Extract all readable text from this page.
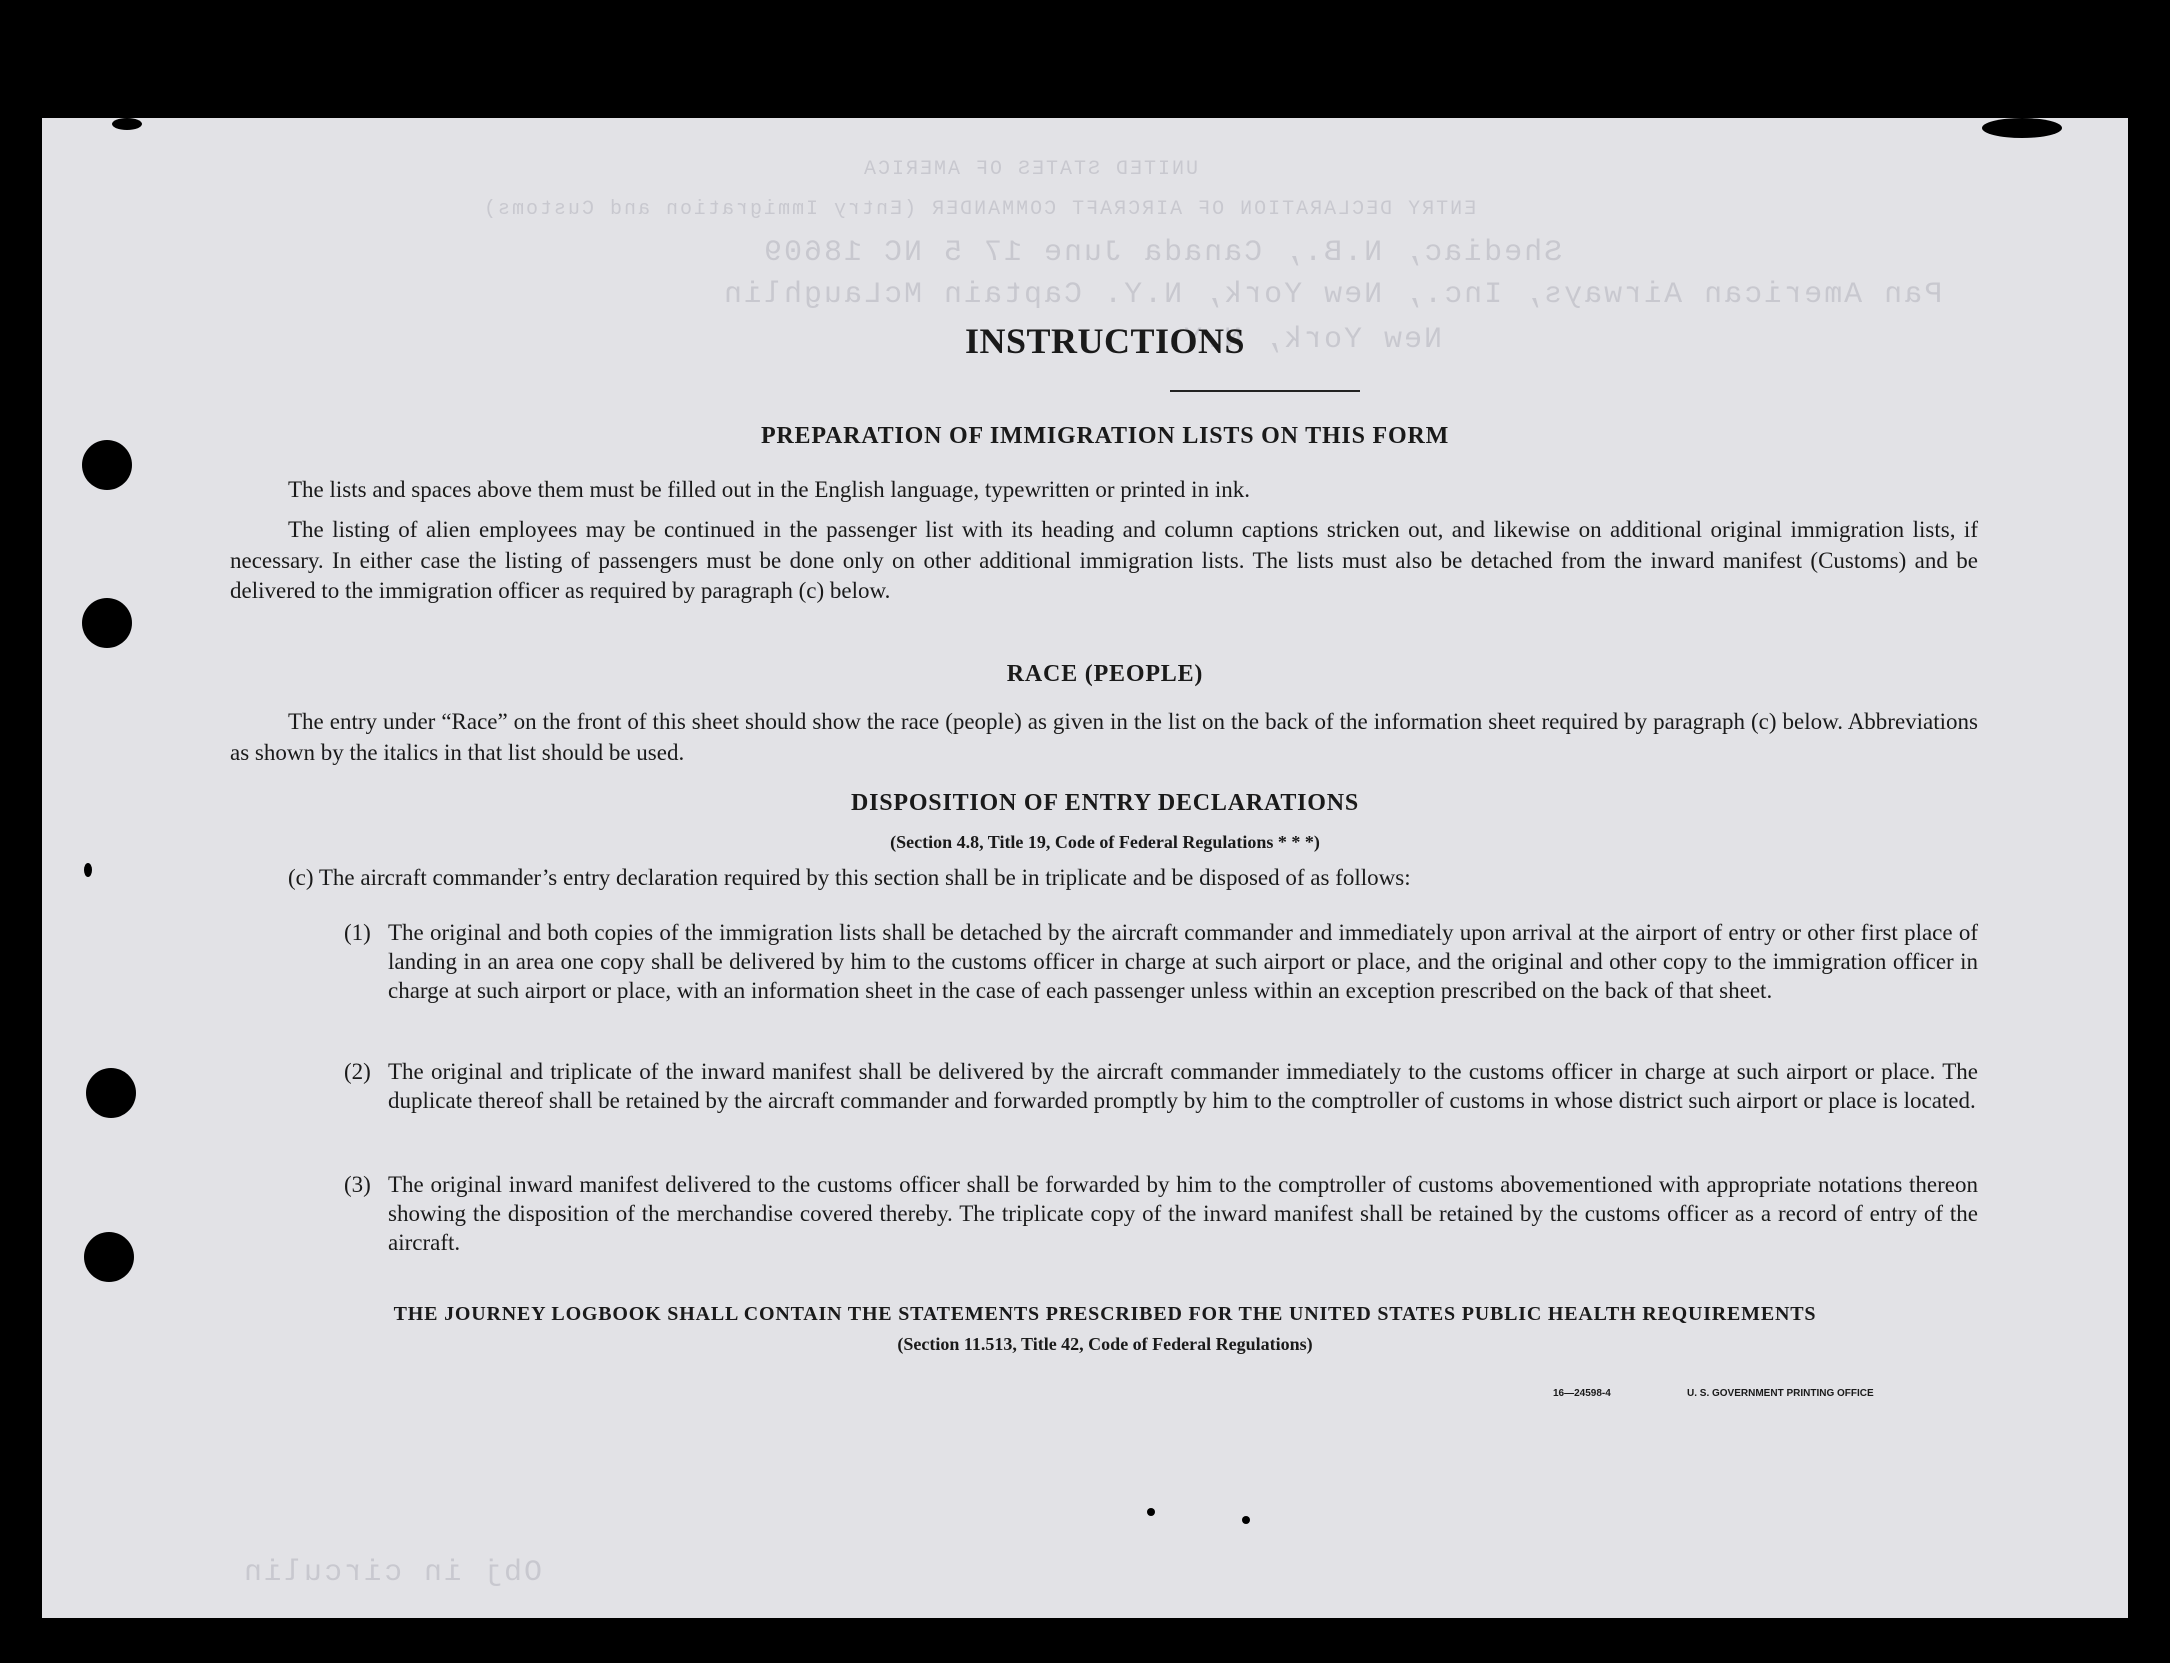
UNITED STATES OF AMERICA
ENTRY DECLARATION OF AIRCRAFT COMMANDER (Entry Immigration and Customs)
Shediac, N.B., Canada June 17 5 NC 18609
Pan American Airways, Inc., New York, N.Y. Captain McLaughlin
New York, N.Y.
Obj in circulin
INSTRUCTIONS
PREPARATION OF IMMIGRATION LISTS ON THIS FORM
The lists and spaces above them must be filled out in the English language, typewritten or printed in ink.
The listing of alien employees may be continued in the passenger list with its heading and column captions stricken out, and likewise on additional original immigration lists, if necessary. In either case the listing of passengers must be done only on other additional immigration lists. The lists must also be detached from the inward manifest (Customs) and be delivered to the immigration officer as required by paragraph (c) below.
RACE (PEOPLE)
The entry under “Race” on the front of this sheet should show the race (people) as given in the list on the back of the information sheet required by paragraph (c) below. Abbreviations as shown by the italics in that list should be used.
DISPOSITION OF ENTRY DECLARATIONS
(Section 4.8, Title 19, Code of Federal Regulations * * *)
(c) The aircraft commander’s entry declaration required by this section shall be in triplicate and be disposed of as follows:
(1) The original and both copies of the immigration lists shall be detached by the aircraft commander and immediately upon arrival at the airport of entry or other first place of landing in an area one copy shall be delivered by him to the customs officer in charge at such airport or place, and the original and other copy to the immigration officer in charge at such airport or place, with an information sheet in the case of each passenger unless within an exception prescribed on the back of that sheet.
(2) The original and triplicate of the inward manifest shall be delivered by the aircraft commander immediately to the customs officer in charge at such airport or place. The duplicate thereof shall be retained by the aircraft commander and forwarded promptly by him to the comptroller of customs in whose district such airport or place is located.
(3) The original inward manifest delivered to the customs officer shall be forwarded by him to the comptroller of customs abovementioned with appropriate notations thereon showing the disposition of the merchandise covered thereby. The triplicate copy of the inward manifest shall be retained by the customs officer as a record of entry of the aircraft.
THE JOURNEY LOGBOOK SHALL CONTAIN THE STATEMENTS PRESCRIBED FOR THE UNITED STATES PUBLIC HEALTH REQUIREMENTS
(Section 11.513, Title 42, Code of Federal Regulations)
16—24598-4	U. S. GOVERNMENT PRINTING OFFICE
